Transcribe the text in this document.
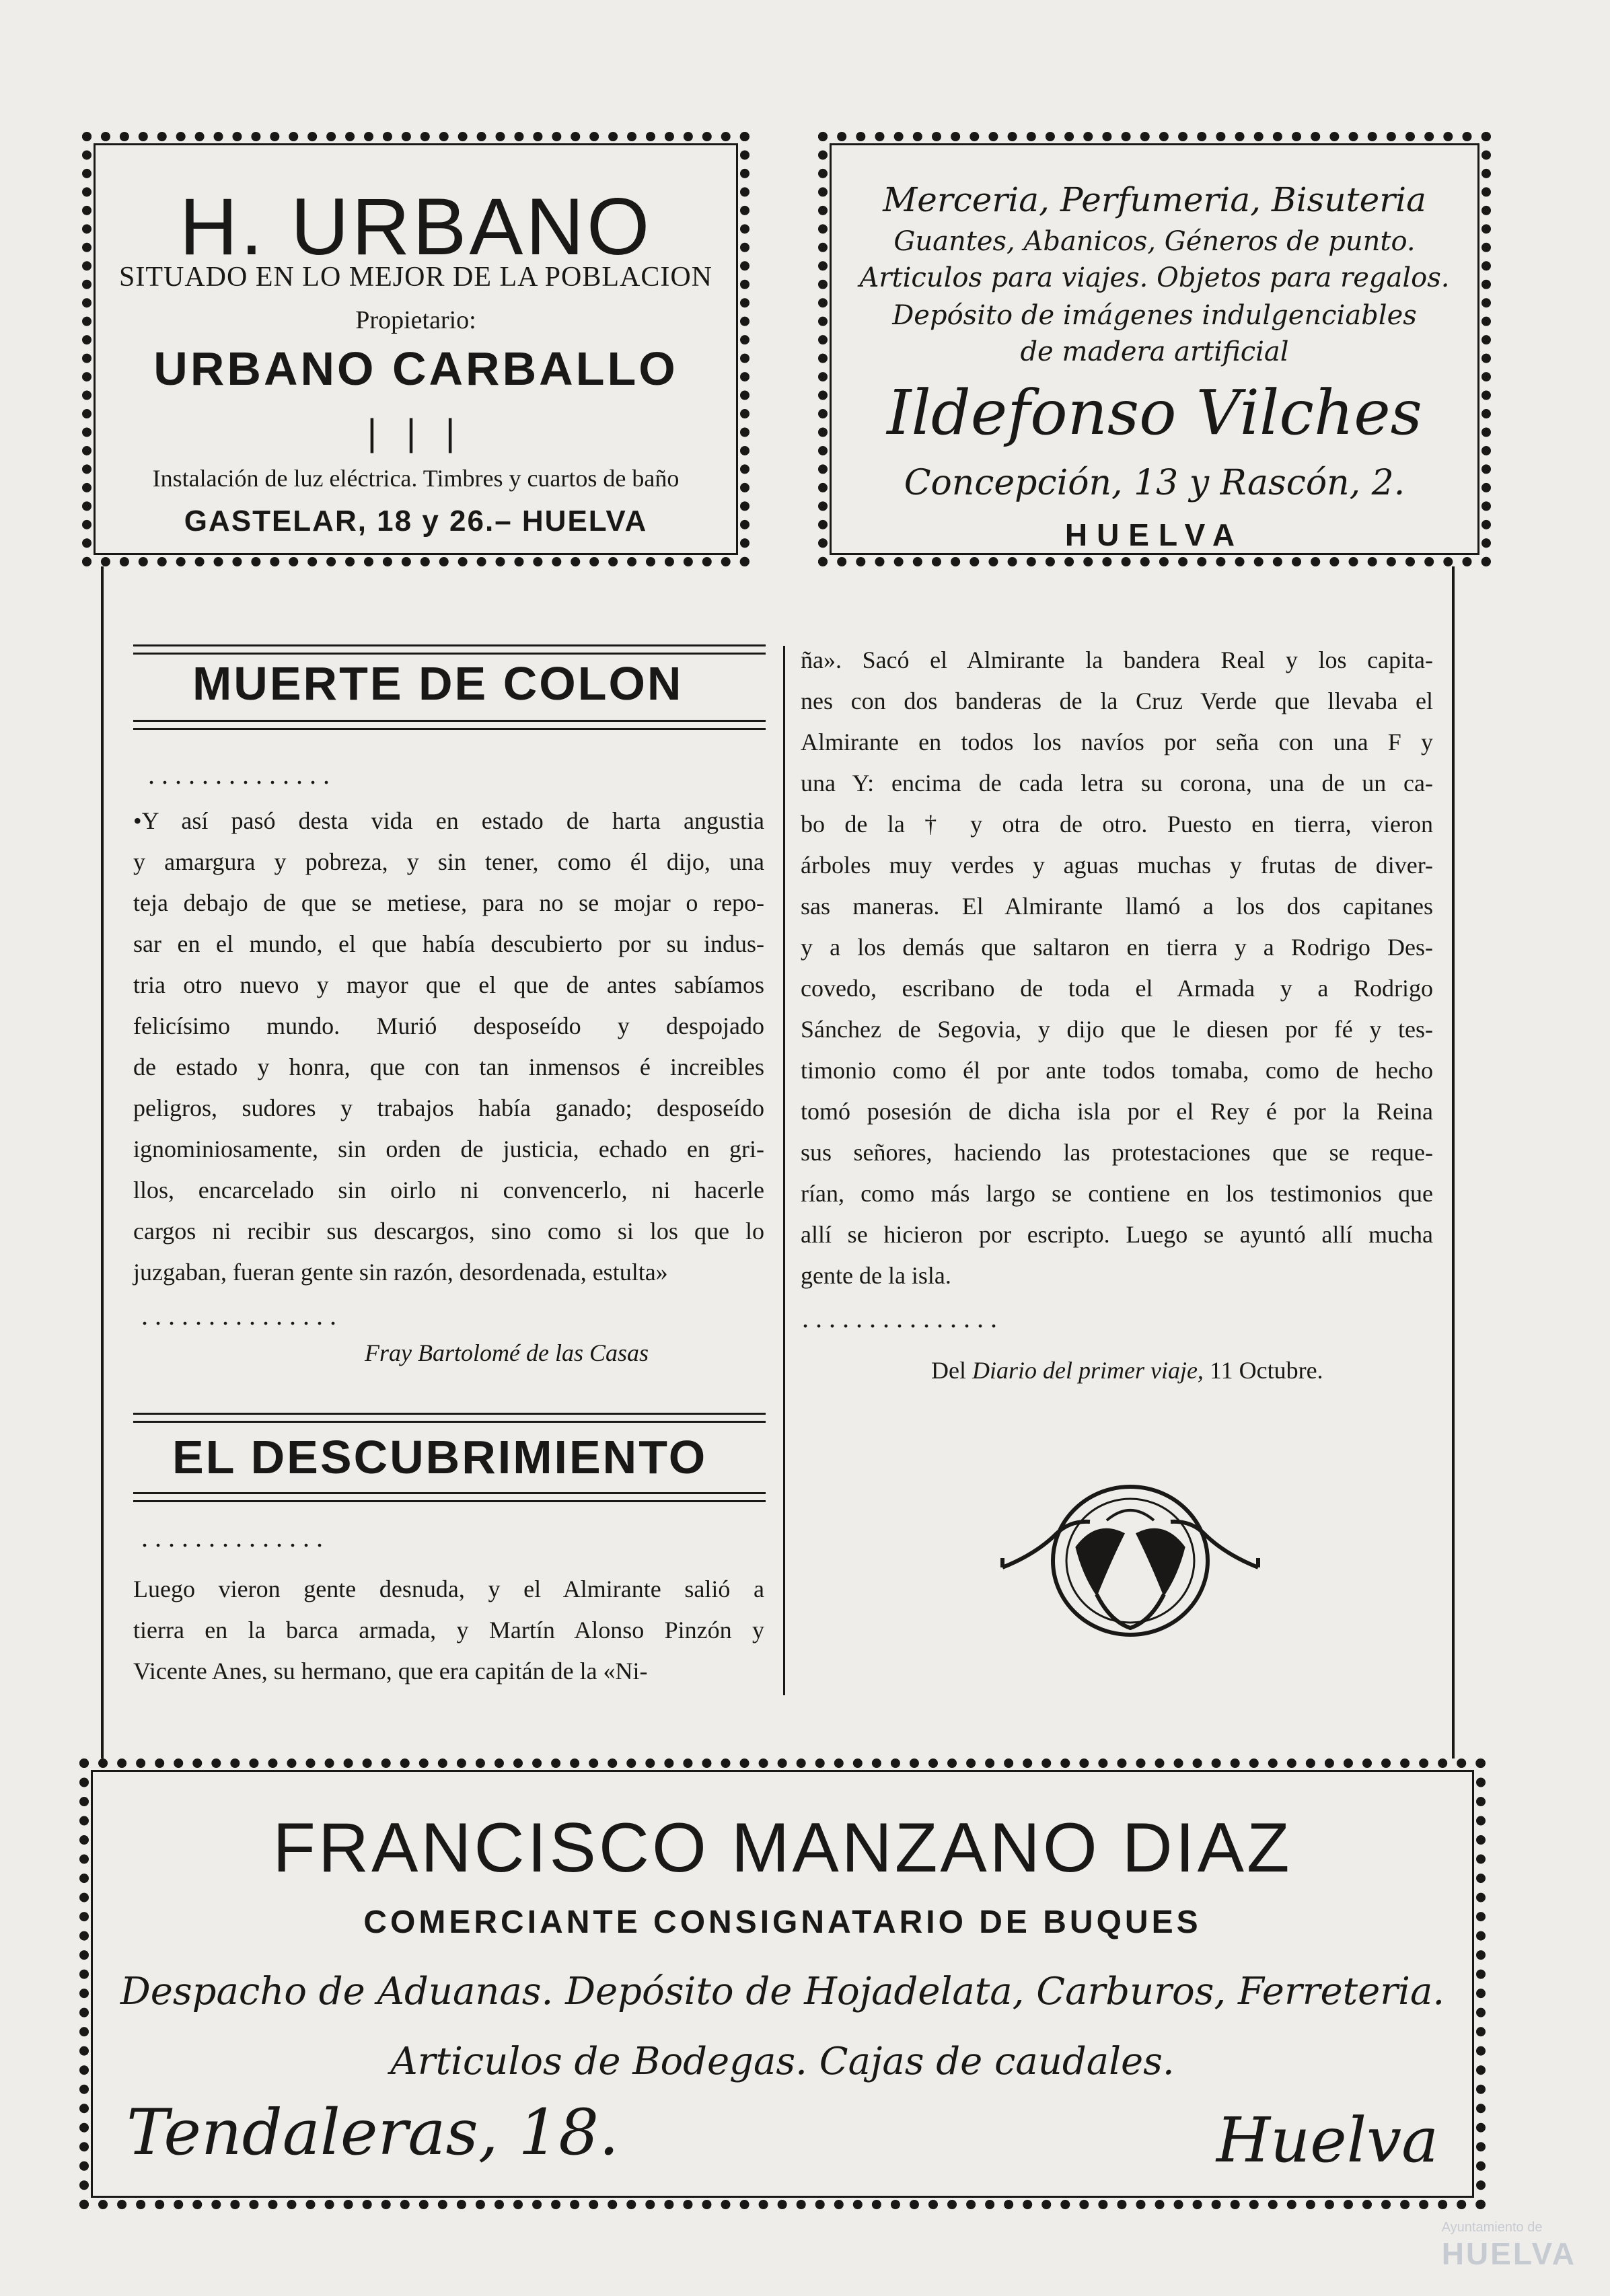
H. URBANO
SITUADO EN LO MEJOR DE LA POBLACION
Propietario:
URBANO CARBALLO
| | |
Instalación de luz eléctrica. Timbres y cuartos de baño
GASTELAR, 18 y 26.– HUELVA
Merceria, Perfumeria, Bisuteria
Guantes, Abanicos, Géneros de punto.
Articulos para viajes. Objetos para regalos.
Depósito de imágenes indulgenciables
de madera artificial
Ildefonso Vilches
Concepción, 13 y Rascón, 2.
HUELVA
MUERTE DE COLON
. . . . . . . . . . . . . .
•Y así pasó desta vida en estado de harta angustia
y amargura y pobreza, y sin tener, como él dijo, una
teja debajo de que se metiese, para no se mojar o repo-
sar en el mundo, el que había descubierto por su indus-
tria otro nuevo y mayor que el que de antes sabíamos
felicísimo mundo. Murió desposeído y despojado
de estado y honra, que con tan inmensos é increibles
peligros, sudores y trabajos había ganado; desposeído
ignominiosamente, sin orden de justicia, echado en gri-
llos, encarcelado sin oirlo ni convencerlo, ni hacerle
cargos ni recibir sus descargos, sino como si los que lo
juzgaban, fueran gente sin razón, desordenada, estulta»
. . . . . . . . . . . . . . .
Fray Bartolomé de las Casas
EL DESCUBRIMIENTO
. . . . . . . . . . . . . .
Luego vieron gente desnuda, y el Almirante salió a
tierra en la barca armada, y Martín Alonso Pinzón y
Vicente Anes, su hermano, que era capitán de la «Ni-
ña». Sacó el Almirante la bandera Real y los capita-
nes con dos banderas de la Cruz Verde que llevaba el
Almirante en todos los navíos por seña con una F y
una Y: encima de cada letra su corona, una de un ca-
bo de la † y otra de otro. Puesto en tierra, vieron
árboles muy verdes y aguas muchas y frutas de diver-
sas maneras. El Almirante llamó a los dos capitanes
y a los demás que saltaron en tierra y a Rodrigo Des-
covedo, escribano de toda el Armada y a Rodrigo
Sánchez de Segovia, y dijo que le diesen por fé y tes-
timonio como él por ante todos tomaba, como de hecho
tomó posesión de dicha isla por el Rey é por la Reina
sus señores, haciendo las protestaciones que se reque-
rían, como más largo se contiene en los testimonios que
allí se hicieron por escripto. Luego se ayuntó allí mucha
gente de la isla.
. . . . . . . . . . . . . . .
Del Diario del primer viaje, 11 Octubre.
FRANCISCO MANZANO DIAZ
COMERCIANTE CONSIGNATARIO DE BUQUES
Despacho de Aduanas. Depósito de Hojadelata, Carburos, Ferreteria.
Articulos de Bodegas. Cajas de caudales.
Tendaleras, 18.	Huelva
Ayuntamiento de
HUELVA
